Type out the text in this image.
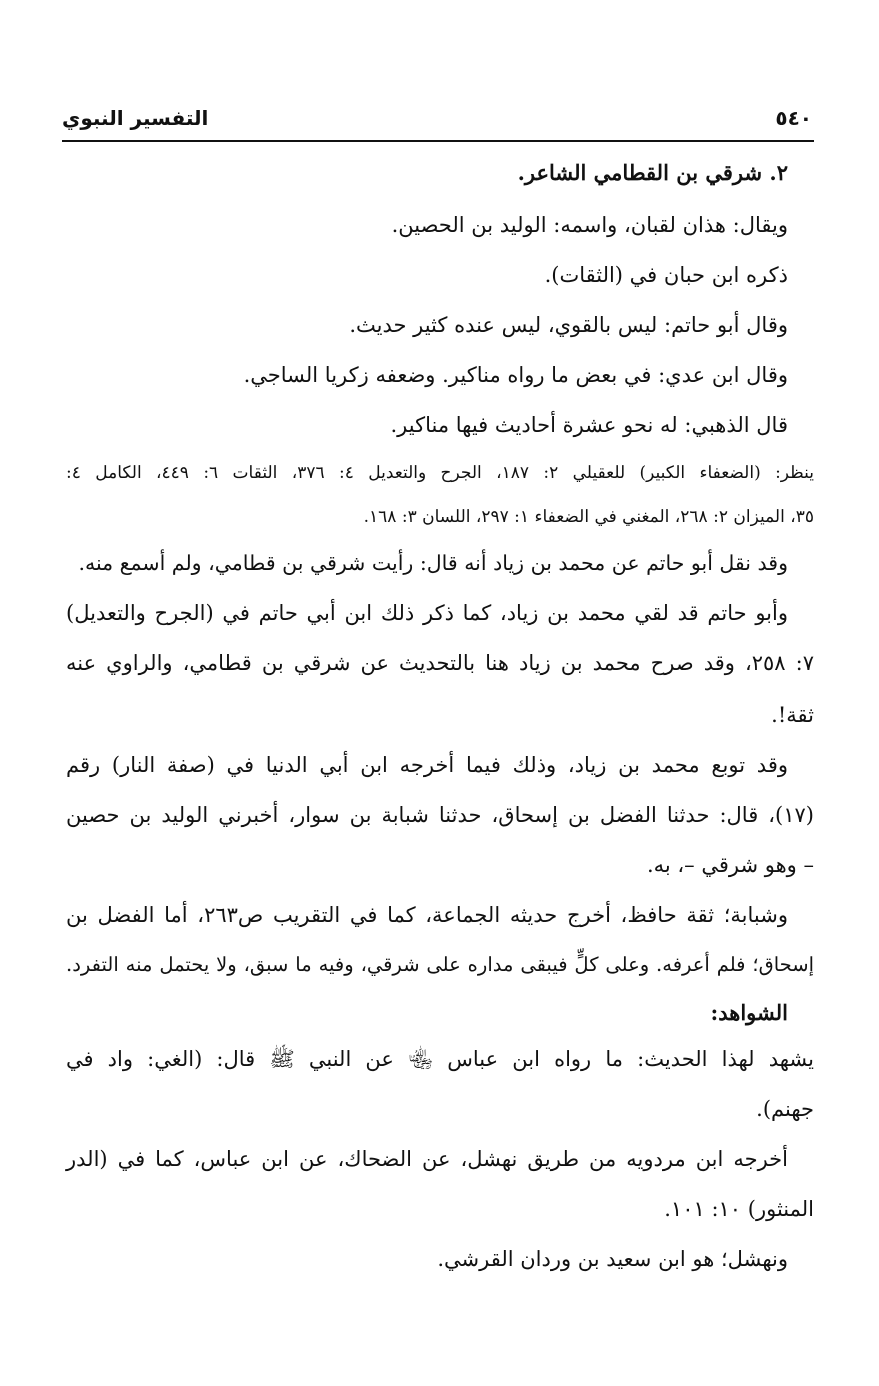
التفسير النبوي	٥٤٠
٢. شرقي بن القطامي الشاعر.
ويقال: هذان لقبان، واسمه: الوليد بن الحصين.
ذكره ابن حبان في (الثقات).
وقال أبو حاتم: ليس بالقوي، ليس عنده كثير حديث.
وقال ابن عدي: في بعض ما رواه مناكير. وضعفه زكريا الساجي.
قال الذهبي: له نحو عشرة أحاديث فيها مناكير.
ينظر: (الضعفاء الكبير) للعقيلي ٢: ١٨٧، الجرح والتعديل ٤: ٣٧٦، الثقات ٦: ٤٤٩، الكامل ٤:
٣٥، الميزان ٢: ٢٦٨، المغني في الضعفاء ١: ٢٩٧، اللسان ٣: ١٦٨.
وقد نقل أبو حاتم عن محمد بن زياد أنه قال: رأيت شرقي بن قطامي، ولم أسمع منه.
وأبو حاتم قد لقي محمد بن زياد، كما ذكر ذلك ابن أبي حاتم في (الجرح والتعديل)
٧: ٢٥٨، وقد صرح محمد بن زياد هنا بالتحديث عن شرقي بن قطامي، والراوي عنه
ثقة!.
وقد توبع محمد بن زياد، وذلك فيما أخرجه ابن أبي الدنيا في (صفة النار) رقم
(١٧)، قال: حدثنا الفضل بن إسحاق، حدثنا شبابة بن سوار، أخبرني الوليد بن حصين
– وهو شرقي –، به.
وشبابة؛ ثقة حافظ، أخرج حديثه الجماعة، كما في التقريب ص٢٦٣، أما الفضل بن
إسحاق؛ فلم أعرفه. وعلى كلٍّ فيبقى مداره على شرقي، وفيه ما سبق، ولا يحتمل منه التفرد.
الشواهد:
يشهد لهذا الحديث: ما رواه ابن عباس ﵄ عن النبي ﷺ قال: (الغي: واد في
جهنم).
أخرجه ابن مردويه من طريق نهشل، عن الضحاك، عن ابن عباس، كما في (الدر
المنثور) ١٠: ١٠١.
ونهشل؛ هو ابن سعيد بن وردان القرشي.
